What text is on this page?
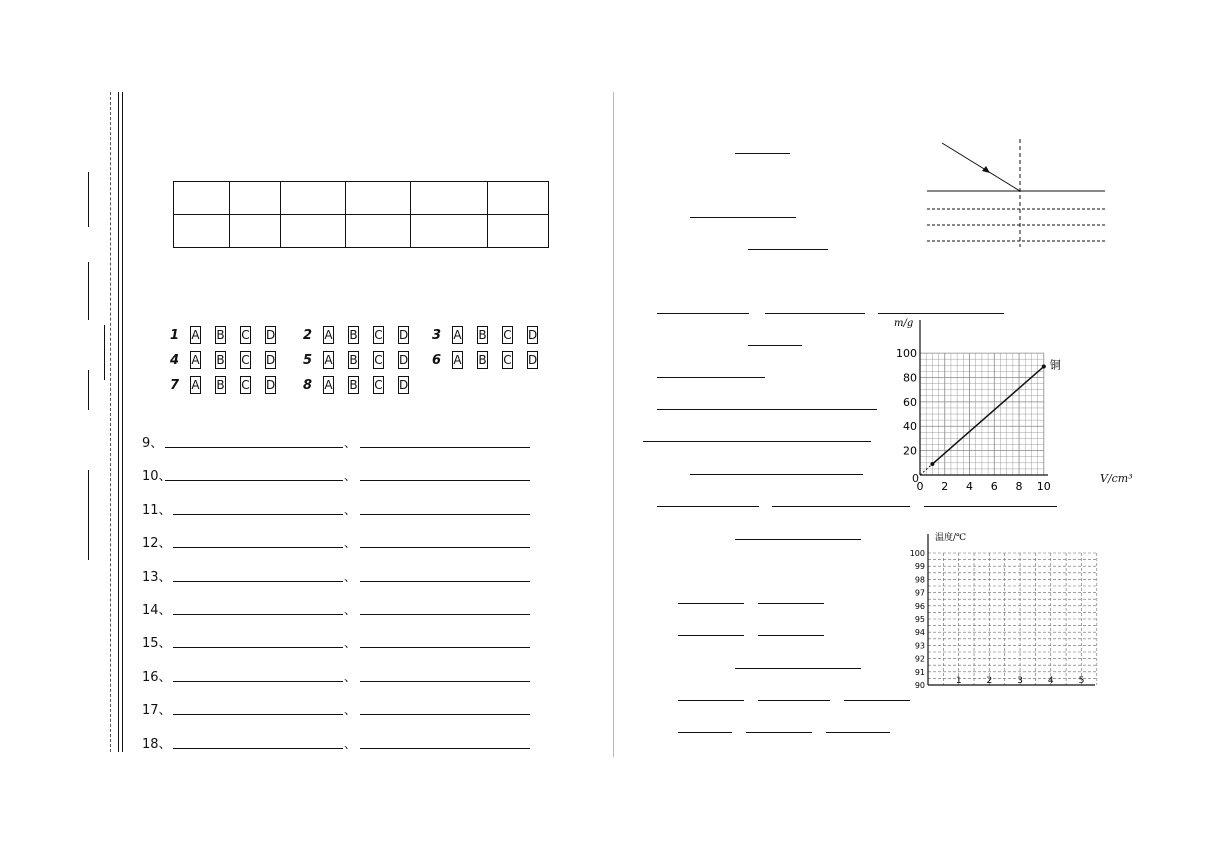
1 A B C D	2 A B C D	3 A B C D
4 A B C D	5 A B C D	6 A B C D
7 A B C D	8 A B C D
9、	、
10、	、
11、	、
12、	、
13、	、
14、	、
15、	、
16、	、
17、	、
18、	、
m/g
20
40
60
80
100
0 2 4 6 8 10
铜
温度/℃
90
91
92
93
94
95
96
97
98
99
100
1	2	3	4	5
V/cm³
0
